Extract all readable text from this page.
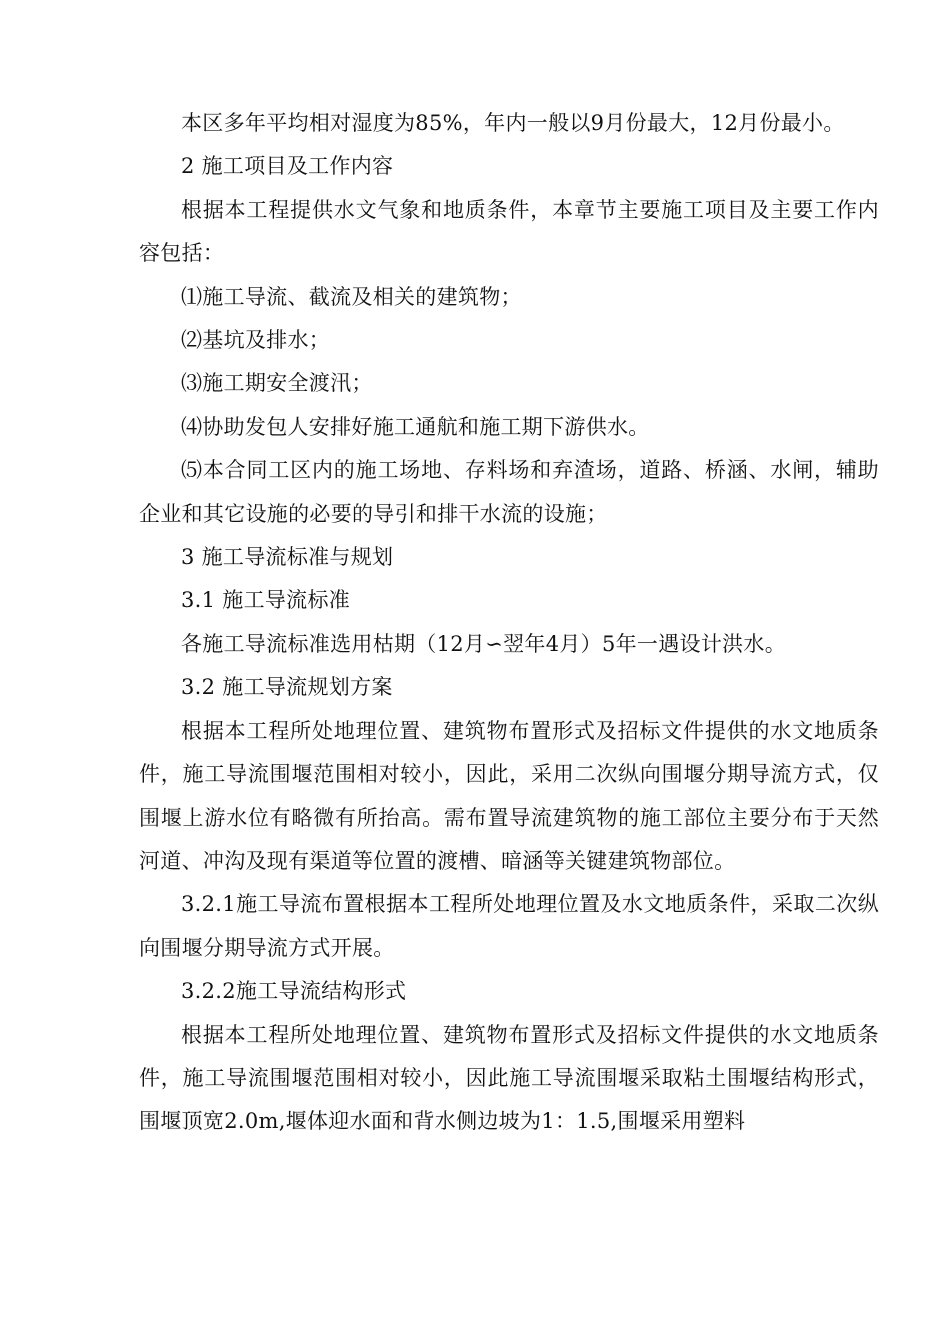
本区多年平均相对湿度为85%，年内一般以9月份最大，12月份最小。

2 施工项目及工作内容

根据本工程提供水文气象和地质条件，本章节主要施工项目及主要工作内容包括：

⑴施工导流、截流及相关的建筑物；

⑵基坑及排水；

⑶施工期安全渡汛；

⑷协助发包人安排好施工通航和施工期下游供水。

⑸本合同工区内的施工场地、存料场和弃渣场，道路、桥涵、水闸，辅助企业和其它设施的必要的导引和排干水流的设施；

3 施工导流标准与规划

3.1 施工导流标准

各施工导流标准选用枯期（12月∽翌年4月）5年一遇设计洪水。

3.2 施工导流规划方案

根据本工程所处地理位置、建筑物布置形式及招标文件提供的水文地质条件，施工导流围堰范围相对较小，因此，采用二次纵向围堰分期导流方式，仅围堰上游水位有略微有所抬高。需布置导流建筑物的施工部位主要分布于天然河道、冲沟及现有渠道等位置的渡槽、暗涵等关键建筑物部位。

3.2.1施工导流布置根据本工程所处地理位置及水文地质条件，采取二次纵向围堰分期导流方式开展。

3.2.2施工导流结构形式

根据本工程所处地理位置、建筑物布置形式及招标文件提供的水文地质条件，施工导流围堰范围相对较小，因此施工导流围堰采取粘土围堰结构形式，围堰顶宽2.0m,堰体迎水面和背水侧边坡为1：1.5,围堰采用塑料
